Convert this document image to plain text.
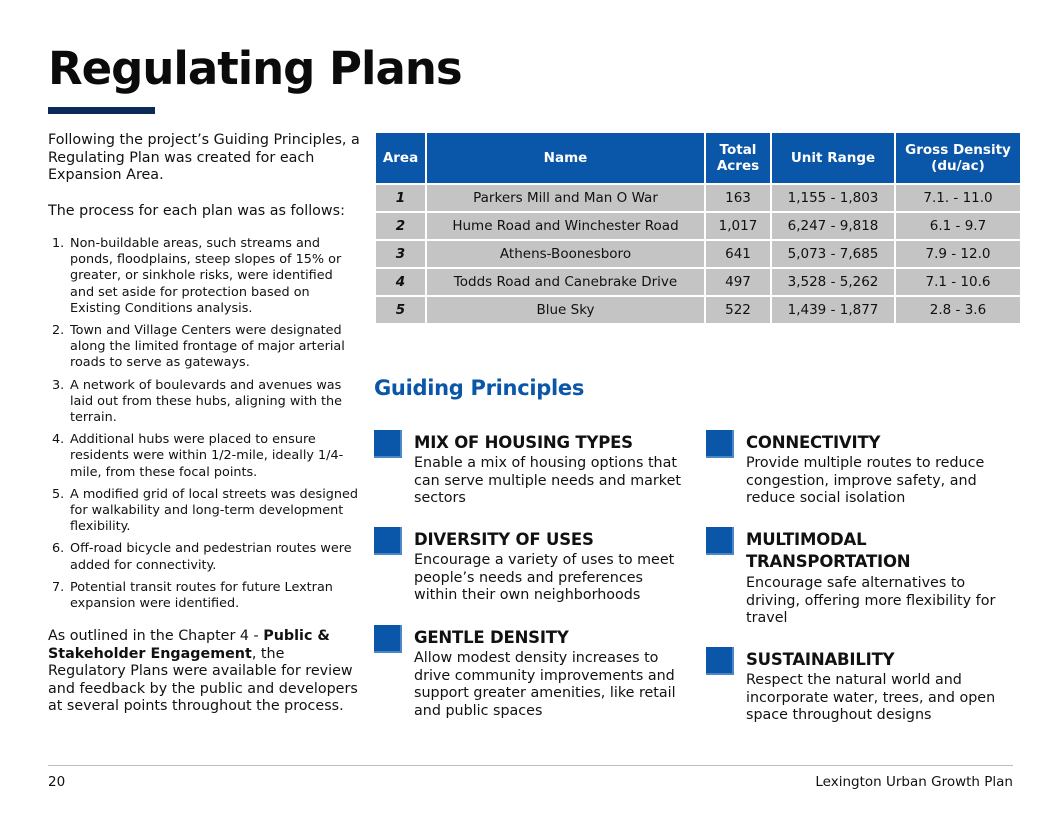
Regulating Plans

Following the project’s Guiding Principles, a Regulating Plan was created for each Expansion Area.

The process for each plan was as follows:

1. Non-buildable areas, such streams and ponds, floodplains, steep slopes of 15% or greater, or sinkhole risks, were identified and set aside for protection based on Existing Conditions analysis.
2. Town and Village Centers were designated along the limited frontage of major arterial roads to serve as gateways.
3. A network of boulevards and avenues was laid out from these hubs, aligning with the terrain.
4. Additional hubs were placed to ensure residents were within 1/2-mile, ideally 1/4-mile, from these focal points.
5. A modified grid of local streets was designed for walkability and long-term development flexibility.
6. Off-road bicycle and pedestrian routes were added for connectivity.
7. Potential transit routes for future Lextran expansion were identified.

As outlined in the Chapter 4 - Public & Stakeholder Engagement, the Regulatory Plans were available for review and feedback by the public and developers at several points throughout the process.

Area	Name	Total Acres	Unit Range	Gross Density (du/ac)
1	Parkers Mill and Man O War	163	1,155 - 1,803	7.1. - 11.0
2	Hume Road and Winchester Road	1,017	6,247 - 9,818	6.1 - 9.7
3	Athens-Boonesboro	641	5,073 - 7,685	7.9 - 12.0
4	Todds Road and Canebrake Drive	497	3,528 - 5,262	7.1 - 10.6
5	Blue Sky	522	1,439 - 1,877	2.8 - 3.6
Guiding Principles
MIX OF HOUSING TYPES

Enable a mix of housing options that can serve multiple needs and market sectors

DIVERSITY OF USES

Encourage a variety of uses to meet people’s needs and preferences within their own neighborhoods

GENTLE DENSITY

Allow modest density increases to drive community improvements and support greater amenities, like retail and public spaces

CONNECTIVITY

Provide multiple routes to reduce congestion, improve safety, and reduce social isolation

MULTIMODAL TRANSPORTATION

Encourage safe alternatives to driving, offering more flexibility for travel

SUSTAINABILITY

Respect the natural world and incorporate water, trees, and open space throughout designs

20	Lexington Urban Growth Plan
